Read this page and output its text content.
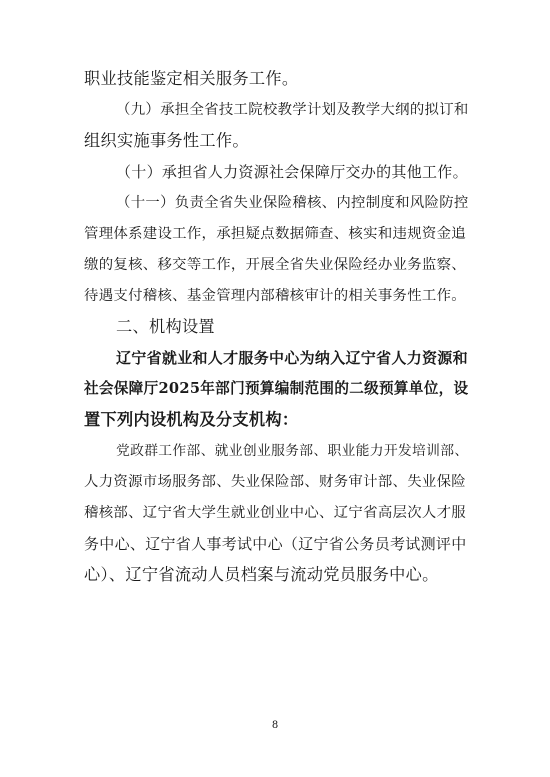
职业技能鉴定相关服务工作。
（九）承担全省技工院校教学计划及教学大纲的拟订和
组织实施事务性工作。
（十）承担省人力资源社会保障厅交办的其他工作。
（十一）负责全省失业保险稽核、内控制度和风险防控
管理体系建设工作，承担疑点数据筛查、核实和违规资金追
缴的复核、移交等工作，开展全省失业保险经办业务监察、
待遇支付稽核、基金管理内部稽核审计的相关事务性工作。
二、机构设置
辽宁省就业和人才服务中心为纳入辽宁省人力资源和
社会保障厅2025年部门预算编制范围的二级预算单位，设
置下列内设机构及分支机构：
党政群工作部、就业创业服务部、职业能力开发培训部、
人力资源市场服务部、失业保险部、财务审计部、失业保险
稽核部、辽宁省大学生就业创业中心、辽宁省高层次人才服
务中心、辽宁省人事考试中心（辽宁省公务员考试测评中
心）、辽宁省流动人员档案与流动党员服务中心。
8
